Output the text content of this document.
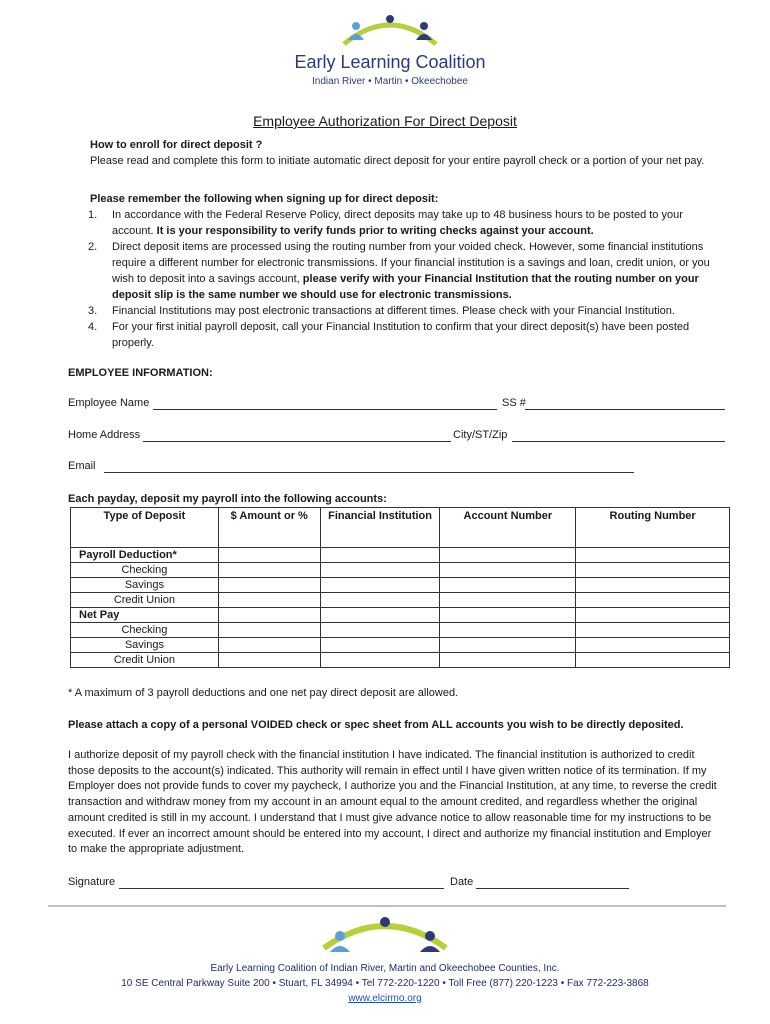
Early Learning Coalition
Indian River • Martin • Okeechobee
Employee Authorization For Direct Deposit
How to enroll for direct deposit ?
Please read and complete this form to initiate automatic direct deposit for your entire payroll check or a portion of your net pay.
Please remember the following when signing up for direct deposit:
1.	In accordance with the Federal Reserve Policy, direct deposits may take up to 48 business hours to be posted to your account. It is your responsibility to verify funds prior to writing checks against your account.
2.	Direct deposit items are processed using the routing number from your voided check. However, some financial institutions require a different number for electronic transmissions. If your financial institution is a savings and loan, credit union, or you wish to deposit into a savings account, please verify with your Financial Institution that the routing number on your deposit slip is the same number we should use for electronic transmissions.
3.	Financial Institutions may post electronic transactions at different times. Please check with your Financial Institution.
4.	For your first initial payroll deposit, call your Financial Institution to confirm that your direct deposit(s) have been posted properly.
EMPLOYEE INFORMATION:
Employee Name	SS #
Home Address	City/ST/Zip
Email
Each payday, deposit my payroll into the following accounts:
Type of Deposit	$ Amount or %	Financial Institution	Account Number	Routing Number
Payroll Deduction*				
Checking				
Savings				
Credit Union				
Net Pay				
Checking				
Savings				
Credit Union				
* A maximum of 3 payroll deductions and one net pay direct deposit are allowed.
Please attach a copy of a personal VOIDED check or spec sheet from ALL accounts you wish to be directly deposited.
I authorize deposit of my payroll check with the financial institution I have indicated. The financial institution is authorized to credit those deposits to the account(s) indicated. This authority will remain in effect until I have given written notice of its termination. If my Employer does not provide funds to cover my paycheck, I authorize you and the Financial Institution, at any time, to reverse the credit transaction and withdraw money from my account in an amount equal to the amount credited, and regardless whether the original amount credited is still in my account. I understand that I must give advance notice to allow reasonable time for my instructions to be executed. If ever an incorrect amount should be entered into my account, I direct and authorize my financial institution and Employer to make the appropriate adjustment.
Signature	Date
Early Learning Coalition of Indian River, Martin and Okeechobee Counties, Inc.
10 SE Central Parkway Suite 200 • Stuart, FL 34994 • Tel 772-220-1220 • Toll Free (877) 220-1223 • Fax 772-223-3868
www.elcirmo.org
